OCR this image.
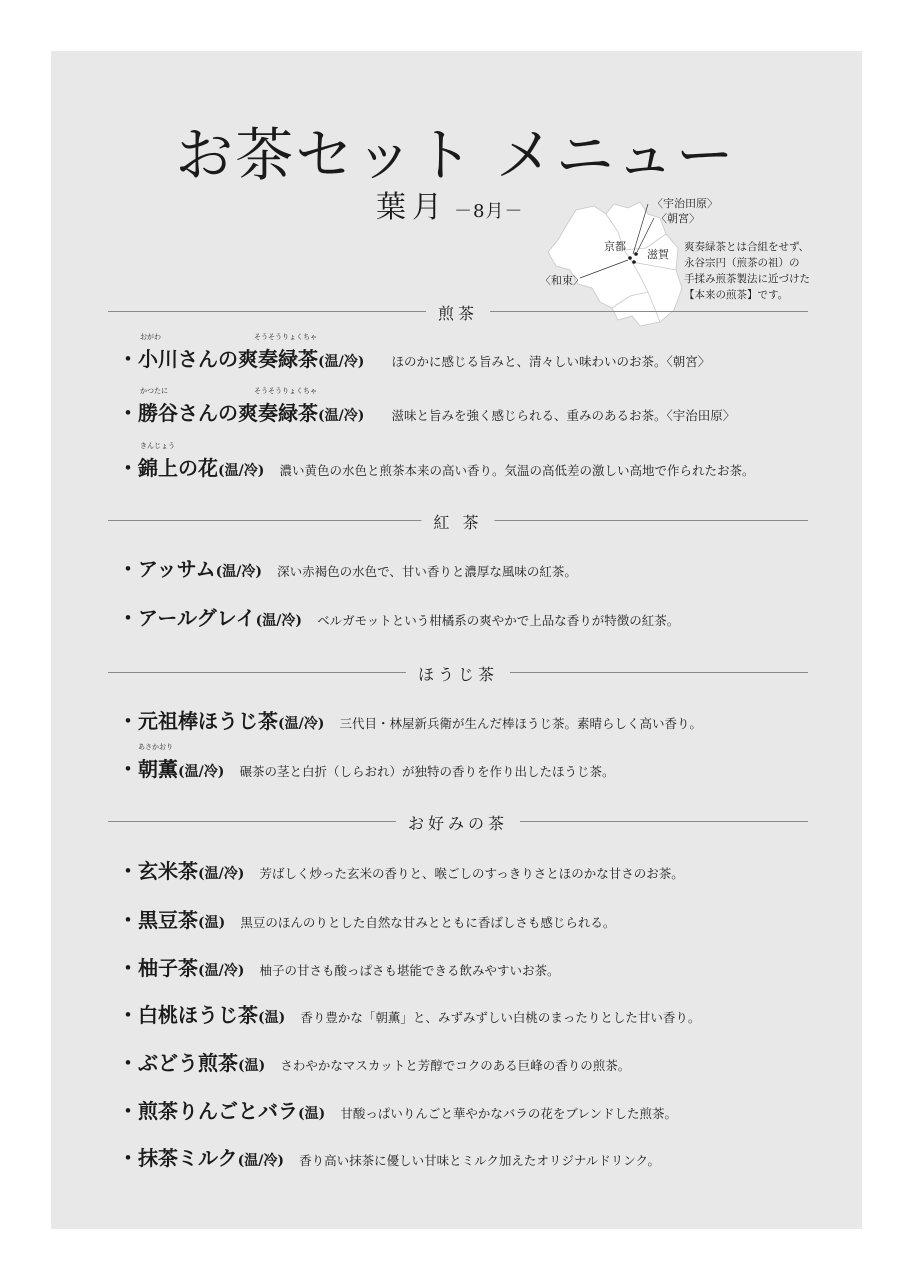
お茶セット メニュー
葉月 －8月－	〈宇治田原〉
〈朝宮〉
京都
滋賀
〈和束〉
爽奏緑茶とは合組をせず、
永谷宗円（煎茶の祖）の
手揉み煎茶製法に近づけた
【本来の煎茶】です。
煎茶
おがわ	そうそうりょくちゃ
・小川さんの爽奏緑茶(温/冷) ほのかに感じる旨みと、清々しい味わいのお茶。〈朝宮〉
かつたに	そうそうりょくちゃ
・勝谷さんの爽奏緑茶(温/冷) 滋味と旨みを強く感じられる、重みのあるお茶。〈宇治田原〉
きんじょう
・錦上の花(温/冷) 濃い黄色の水色と煎茶本来の高い香り。気温の高低差の激しい高地で作られたお茶。
紅 茶
・アッサム(温/冷) 深い赤褐色の水色で、甘い香りと濃厚な風味の紅茶。
・アールグレイ(温/冷) ベルガモットという柑橘系の爽やかで上品な香りが特徴の紅茶。
ほうじ茶
・元祖棒ほうじ茶(温/冷) 三代目・林屋新兵衛が生んだ棒ほうじ茶。素晴らしく高い香り。
あさかおり
・朝薫(温/冷) 碾茶の茎と白折（しらおれ）が独特の香りを作り出したほうじ茶。
お好みの茶
・玄米茶(温/冷) 芳ばしく炒った玄米の香りと、喉ごしのすっきりさとほのかな甘さのお茶。
・黒豆茶(温) 黒豆のほんのりとした自然な甘みとともに香ばしさも感じられる。
・柚子茶(温/冷) 柚子の甘さも酸っぱさも堪能できる飲みやすいお茶。
・白桃ほうじ茶(温) 香り豊かな「朝薫」と、みずみずしい白桃のまったりとした甘い香り。
・ぶどう煎茶(温) さわやかなマスカットと芳醇でコクのある巨峰の香りの煎茶。
・煎茶りんごとバラ(温) 甘酸っぱいりんごと華やかなバラの花をブレンドした煎茶。
・抹茶ミルク(温/冷) 香り高い抹茶に優しい甘味とミルク加えたオリジナルドリンク。
